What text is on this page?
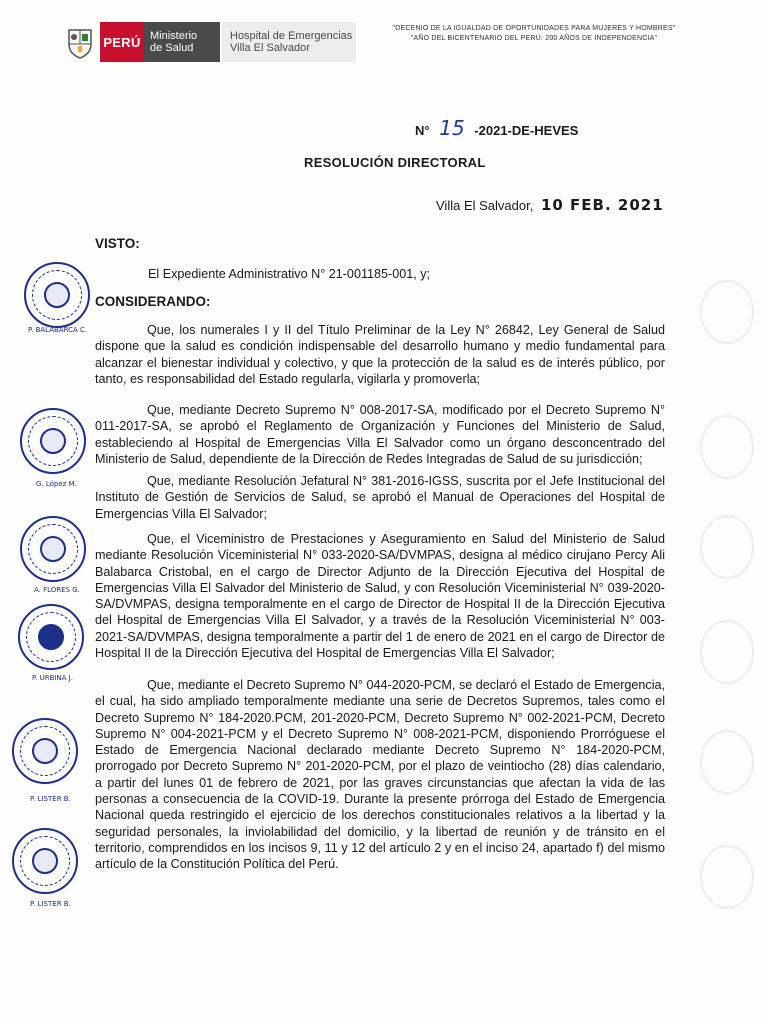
PERÚ Ministerio
de Salud
Hospital de Emergencias
Villa El Salvador
"DECENIO DE LA IGUALDAD DE OPORTUNIDADES PARA MUJERES Y HOMBRES"
"AÑO DEL BICENTENARIO DEL PERÚ: 200 AÑOS DE INDEPENDENCIA"
N° 15 -2021-DE-HEVES
RESOLUCIÓN DIRECTORAL
Villa El Salvador, 10 FEB. 2021
VISTO:
El Expediente Administrativo N° 21-001185-001, y;
CONSIDERANDO:
Que, los numerales I y II del Título Preliminar de la Ley N° 26842, Ley General de Salud dispone que la salud es condición indispensable del desarrollo humano y medio fundamental para alcanzar el bienestar individual y colectivo, y que la protección de la salud es de interés público, por tanto, es responsabilidad del Estado regularla, vigilarla y promoverla;
Que, mediante Decreto Supremo N° 008-2017-SA, modificado por el Decreto Supremo N° 011-2017-SA, se aprobó el Reglamento de Organización y Funciones del Ministerio de Salud, estableciendo al Hospital de Emergencias Villa El Salvador como un órgano desconcentrado del Ministerio de Salud, dependiente de la Dirección de Redes Integradas de Salud de su jurisdicción;
Que, mediante Resolución Jefatural N° 381-2016-IGSS, suscrita por el Jefe Institucional del Instituto de Gestión de Servicios de Salud, se aprobó el Manual de Operaciones del Hospital de Emergencias Villa El Salvador;
Que, el Viceministro de Prestaciones y Aseguramiento en Salud del Ministerio de Salud mediante Resolución Viceministerial N° 033-2020-SA/DVMPAS, designa al médico cirujano Percy Ali Balabarca Cristobal, en el cargo de Director Adjunto de la Dirección Ejecutiva del Hospital de Emergencias Villa El Salvador del Ministerio de Salud, y con Resolución Viceministerial N° 039-2020-SA/DVMPAS, designa temporalmente en el cargo de Director de Hospital II de la Dirección Ejecutiva del Hospital de Emergencias Villa El Salvador, y a través de la Resolución Viceministerial N° 003-2021-SA/DVMPAS, designa temporalmente a partir del 1 de enero de 2021 en el cargo de Director de Hospital II de la Dirección Ejecutiva del Hospital de Emergencias Villa El Salvador;
Que, mediante el Decreto Supremo N° 044-2020-PCM, se declaró el Estado de Emergencia, el cual, ha sido ampliado temporalmente mediante una serie de Decretos Supremos, tales como el Decreto Supremo N° 184-2020.PCM, 201-2020-PCM, Decreto Supremo N° 002-2021-PCM, Decreto Supremo N° 004-2021-PCM y el Decreto Supremo N° 008-2021-PCM, disponiendo Prorróguese el Estado de Emergencia Nacional declarado mediante Decreto Supremo N° 184-2020-PCM, prorrogado por Decreto Supremo N° 201-2020-PCM, por el plazo de veintiocho (28) días calendario, a partir del lunes 01 de febrero de 2021, por las graves circunstancias que afectan la vida de las personas a consecuencia de la COVID-19. Durante la presente prórroga del Estado de Emergencia Nacional queda restringido el ejercicio de los derechos constitucionales relativos a la libertad y la seguridad personales, la inviolabilidad del domicilio, y la libertad de reunión y de tránsito en el territorio, comprendidos en los incisos 9, 11 y 12 del artículo 2 y en el inciso 24, apartado f) del mismo artículo de la Constitución Política del Perú.
P. BALABARCA C.
G. López M.
A. FLORES G.
P. URBINA J.
P. LISTER B.
P. LISTER B.
